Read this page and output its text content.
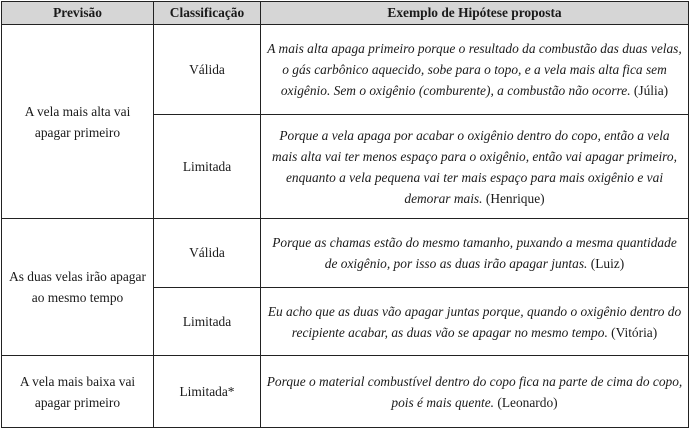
Previsão	Classificação	Exemplo de Hipótese proposta
A vela mais alta vai apagar primeiro	Válida	A mais alta apaga primeiro porque o resultado da combustão das duas velas, o gás carbônico aquecido, sobe para o topo, e a vela mais alta fica sem oxigênio. Sem o oxigênio (comburente), a combustão não ocorre. (Júlia)
	Limitada	Porque a vela apaga por acabar o oxigênio dentro do copo, então a vela mais alta vai ter menos espaço para o oxigênio, então vai apagar primeiro, enquanto a vela pequena vai ter mais espaço para mais oxigênio e vai demorar mais. (Henrique)
As duas velas irão apagar ao mesmo tempo	Válida	Porque as chamas estão do mesmo tamanho, puxando a mesma quantidade de oxigênio, por isso as duas irão apagar juntas. (Luiz)
	Limitada	Eu acho que as duas vão apagar juntas porque, quando o oxigênio dentro do recipiente acabar, as duas vão se apagar no mesmo tempo. (Vitória)
A vela mais baixa vai apagar primeiro	Limitada*	Porque o material combustível dentro do copo fica na parte de cima do copo, pois é mais quente. (Leonardo)
